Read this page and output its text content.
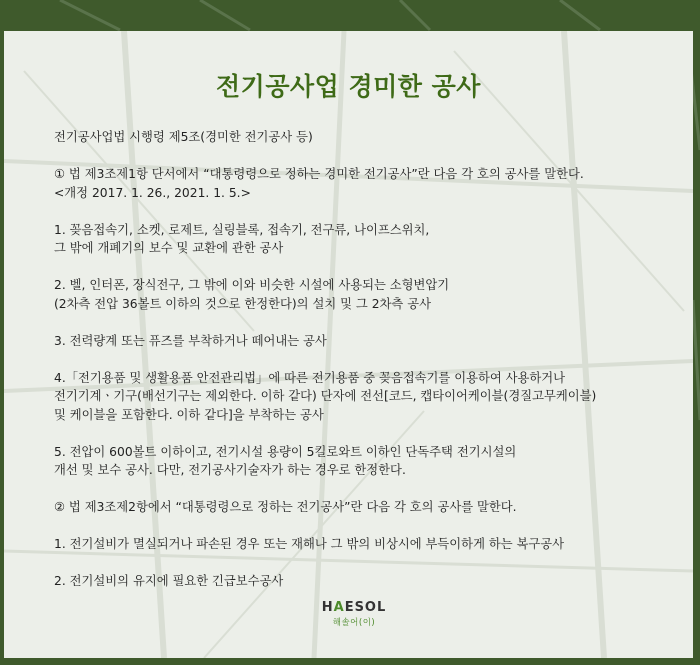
전기공사업 경미한 공사

전기공사업법 시행령 제5조(경미한 전기공사 등)

① 법 제3조제1항 단서에서 “대통령령으로 정하는 경미한 전기공사”란 다음 각 호의 공사를 말한다.
<개정 2017. 1. 26., 2021. 1. 5.>

1. 꽂음접속기, 소켓, 로제트, 실링블록, 접속기, 전구류, 나이프스위치,
그 밖에 개폐기의 보수 및 교환에 관한 공사

2. 벨, 인터폰, 장식전구, 그 밖에 이와 비슷한 시설에 사용되는 소형변압기
(2차측 전압 36볼트 이하의 것으로 한정한다)의 설치 및 그 2차측 공사

3. 전력량계 또는 퓨즈를 부착하거나 떼어내는 공사

4.「전기용품 및 생활용품 안전관리법」에 따른 전기용품 중 꽂음접속기를 이용하여 사용하거나
전기기계ㆍ기구(배선기구는 제외한다. 이하 같다) 단자에 전선[코드, 캡타이어케이블(경질고무케이블)
및 케이블을 포함한다. 이하 같다]을 부착하는 공사

5. 전압이 600볼트 이하이고, 전기시설 용량이 5킬로와트 이하인 단독주택 전기시설의
개선 및 보수 공사. 다만, 전기공사기술자가 하는 경우로 한정한다.

② 법 제3조제2항에서 “대통령령으로 정하는 전기공사”란 다음 각 호의 공사를 말한다.

1. 전기설비가 멸실되거나 파손된 경우 또는 재해나 그 밖의 비상시에 부득이하게 하는 복구공사

2. 전기설비의 유지에 필요한 긴급보수공사

HAESOL
해솔어(이)
